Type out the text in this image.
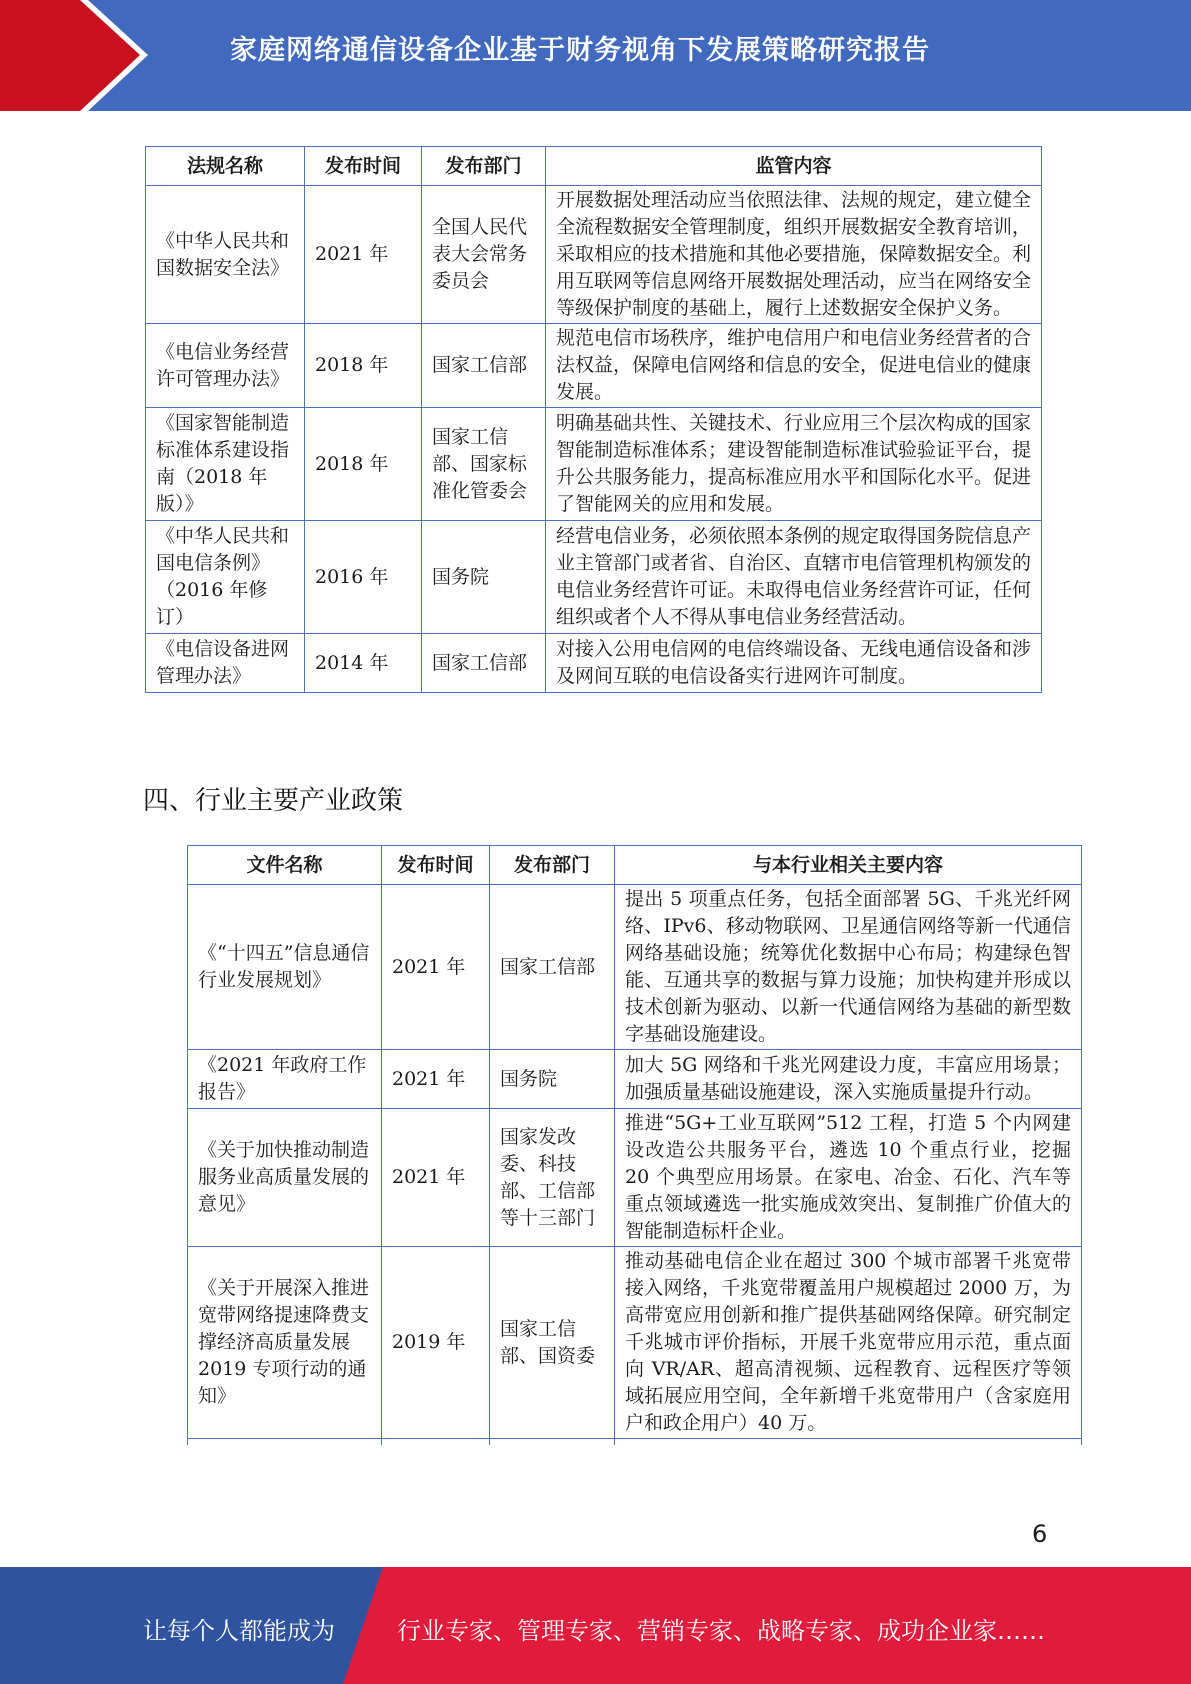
家庭网络通信设备企业基于财务视角下发展策略研究报告
法规名称	发布时间	发布部门	监管内容
《中华人民共和国数据安全法》	2021 年	全国人民代表大会常务委员会	开展数据处理活动应当依照法律、法规的规定，建立健全全流程数据安全管理制度，组织开展数据安全教育培训，采取相应的技术措施和其他必要措施，保障数据安全。利用互联网等信息网络开展数据处理活动，应当在网络安全等级保护制度的基础上，履行上述数据安全保护义务。
《电信业务经营许可管理办法》	2018 年	国家工信部	规范电信市场秩序，维护电信用户和电信业务经营者的合法权益，保障电信网络和信息的安全，促进电信业的健康发展。
《国家智能制造标准体系建设指南（2018 年版）》	2018 年	国家工信部、国家标准化管委会	明确基础共性、关键技术、行业应用三个层次构成的国家智能制造标准体系；建设智能制造标准试验验证平台，提升公共服务能力，提高标准应用水平和国际化水平。促进了智能网关的应用和发展。
《中华人民共和国电信条例》（2016 年修订）	2016 年	国务院	经营电信业务，必须依照本条例的规定取得国务院信息产业主管部门或者省、自治区、直辖市电信管理机构颁发的电信业务经营许可证。未取得电信业务经营许可证，任何组织或者个人不得从事电信业务经营活动。
《电信设备进网管理办法》	2014 年	国家工信部	对接入公用电信网的电信终端设备、无线电通信设备和涉及网间互联的电信设备实行进网许可制度。
四、行业主要产业政策
文件名称	发布时间	发布部门	与本行业相关主要内容
《“十四五”信息通信行业发展规划》	2021 年	国家工信部	提出 5 项重点任务，包括全面部署 5G、千兆光纤网络、IPv6、移动物联网、卫星通信网络等新一代通信网络基础设施；统筹优化数据中心布局；构建绿色智能、互通共享的数据与算力设施；加快构建并形成以技术创新为驱动、以新一代通信网络为基础的新型数字基础设施建设。
《2021 年政府工作报告》	2021 年	国务院	加大 5G 网络和千兆光网建设力度，丰富应用场景；加强质量基础设施建设，深入实施质量提升行动。
《关于加快推动制造服务业高质量发展的意见》	2021 年	国家发改委、科技部、工信部等十三部门	推进“5G+工业互联网”512 工程，打造 5 个内网建设改造公共服务平台，遴选 10 个重点行业，挖掘 20 个典型应用场景。在家电、冶金、石化、汽车等重点领域遴选一批实施成效突出、复制推广价值大的智能制造标杆企业。
《关于开展深入推进宽带网络提速降费支撑经济高质量发展2019 专项行动的通知》	2019 年	国家工信部、国资委	推动基础电信企业在超过 300 个城市部署千兆宽带接入网络，千兆宽带覆盖用户规模超过 2000 万，为高带宽应用创新和推广提供基础网络保障。研究制定千兆城市评价指标，开展千兆宽带应用示范，重点面向 VR/AR、超高清视频、远程教育、远程医疗等领域拓展应用空间，全年新增千兆宽带用户（含家庭用户和政企用户）40 万。

6
让每个人都能成为	行业专家、管理专家、营销专家、战略专家、成功企业家……
